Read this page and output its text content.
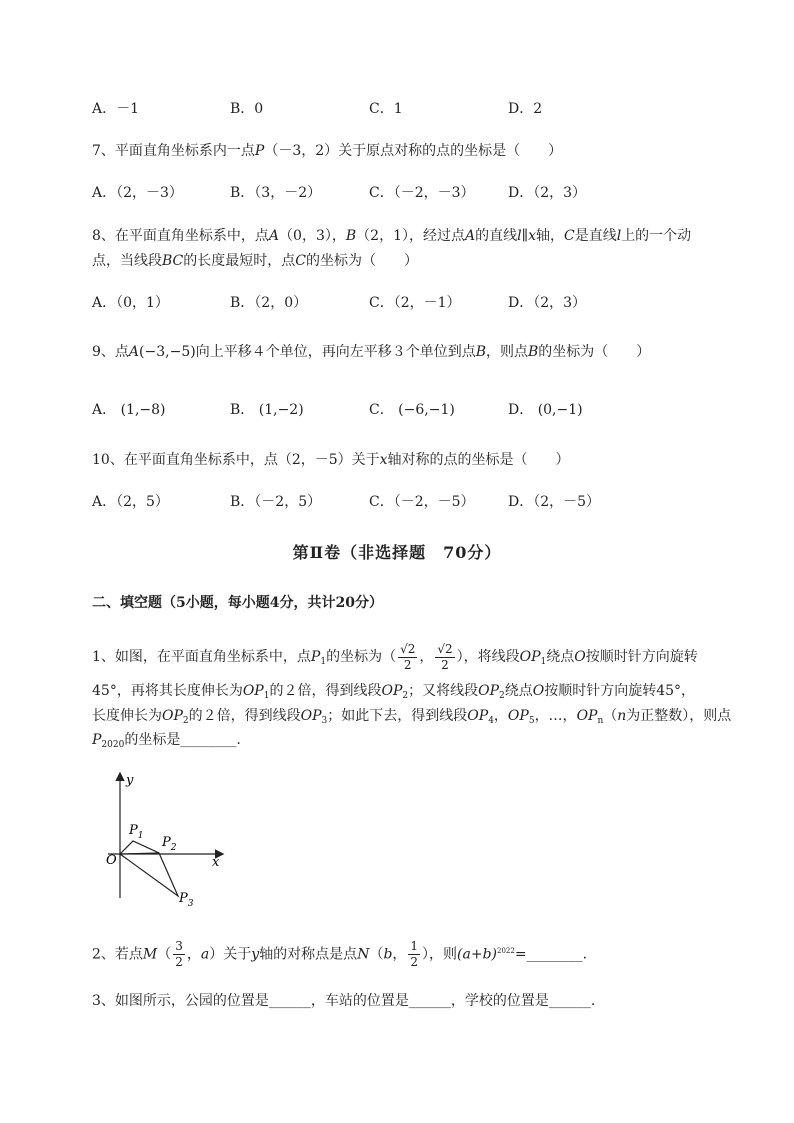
A．－1	B．0	C．1	D．2
7、平面直角坐标系内一点P（－3，2）关于原点对称的点的坐标是（　　）
A．（2，－3）	B．（3，－2）	C．（－2，－3） D．（2，3）
8、在平面直角坐标系中，点A（0，3），B（2，1），经过点A的直线l∥x轴，C是直线l上的一个动
点，当线段BC的长度最短时，点C的坐标为（　　）
A．（0，1）	B．（2，0）	C．（2，－1）	D．（2，3）
9、点A(−3,−5)向上平移４个单位，再向左平移３个单位到点B，则点B的坐标为（　　）
A． (1,−8)	B． (1,−2)	C． (−6,−1)	D． (0,−1)
10、在平面直角坐标系中，点（2，－5）关于x轴对称的点的坐标是（　　）
A．（2，5）	B．（－2，5）	C．（－2，－5） D．（2，－5）
第Ⅱ卷（非选择题　70分）
二、填空题（5小题，每小题4分，共计20分）
1、如图，在平面直角坐标系中，点$P_1$的坐标为（ $\frac{√2}{2}$ ， $\frac{√2}{2}$ ），将线段$OP_1$绕点O按顺时针方向旋转
45°，再将其长度伸长为$OP_1$的２倍，得到线段$OP_2$；又将线段$OP_2$绕点O按顺时针方向旋转45°，
长度伸长为$OP_2$的２倍，得到线段$OP_3$；如此下去，得到线段$OP_4$，$OP_5$，…，$OP_n(n$为正整数），则点
$P_{2020}$的坐标是________.
y
x
O
$P_1$ $P_2$
$P_3$
2、若点$M( \frac{3}{2}$ ，a）关于y轴的对称点是点N（b， $\frac{1}{2}$ ），则$(a+b)^{2022}=\_\_\_\_\_\_\_\_$.
3、如图所示，公园的位置是______，车站的位置是______，学校的位置是______.
